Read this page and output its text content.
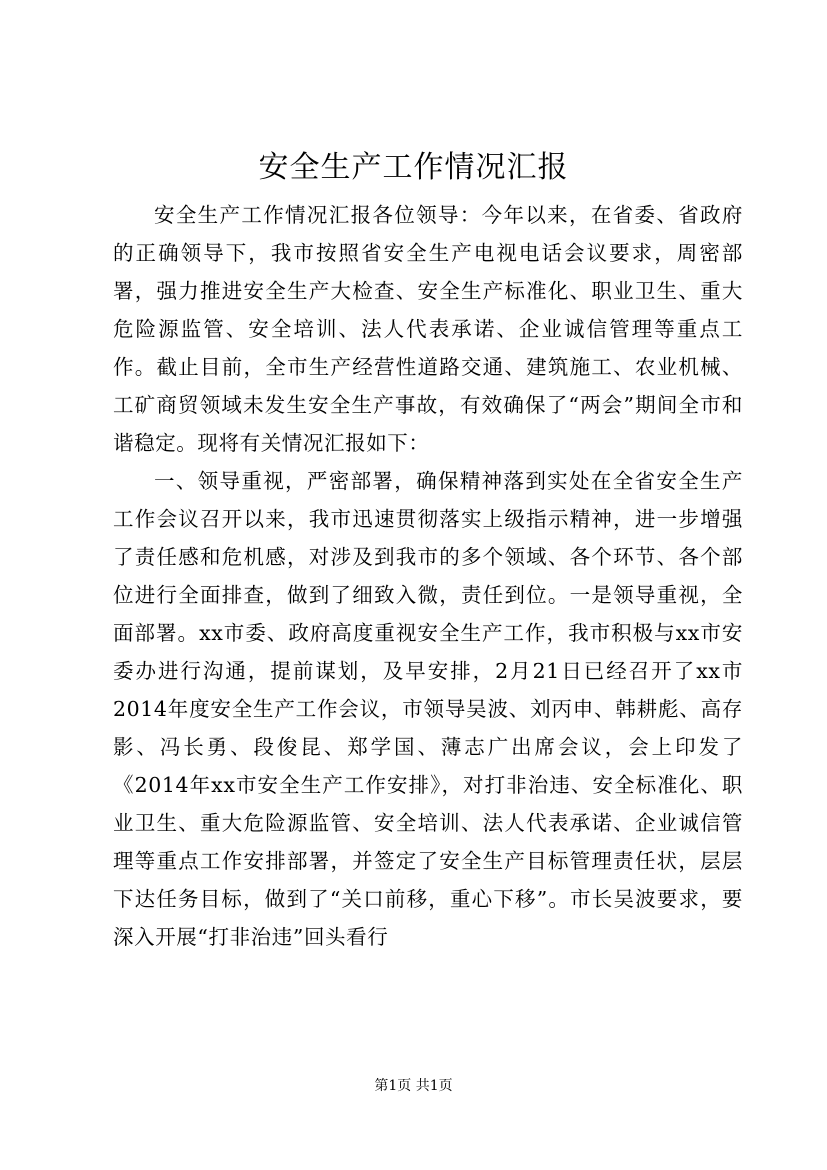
安全生产工作情况汇报

安全生产工作情况汇报各位领导：今年以来，在省委、省政府的正确领导下，我市按照省安全生产电视电话会议要求，周密部署，强力推进安全生产大检查、安全生产标准化、职业卫生、重大危险源监管、安全培训、法人代表承诺、企业诚信管理等重点工作。截止目前，全市生产经营性道路交通、建筑施工、农业机械、工矿商贸领域未发生安全生产事故，有效确保了“两会”期间全市和谐稳定。现将有关情况汇报如下：

一、领导重视，严密部署，确保精神落到实处在全省安全生产工作会议召开以来，我市迅速贯彻落实上级指示精神，进一步增强了责任感和危机感，对涉及到我市的多个领域、各个环节、各个部位进行全面排查，做到了细致入微，责任到位。一是领导重视，全面部署。xx市委、政府高度重视安全生产工作，我市积极与xx市安委办进行沟通，提前谋划，及早安排，2月21日已经召开了xx市2014年度安全生产工作会议，市领导吴波、刘丙申、韩耕彪、高存影、冯长勇、段俊昆、郑学国、薄志广出席会议，会上印发了《2014年xx市安全生产工作安排》，对打非治违、安全标准化、职业卫生、重大危险源监管、安全培训、法人代表承诺、企业诚信管理等重点工作安排部署，并签定了安全生产目标管理责任状，层层下达任务目标，做到了“关口前移，重心下移”。市长吴波要求，要深入开展“打非治违”回头看行

第1页 共1页
